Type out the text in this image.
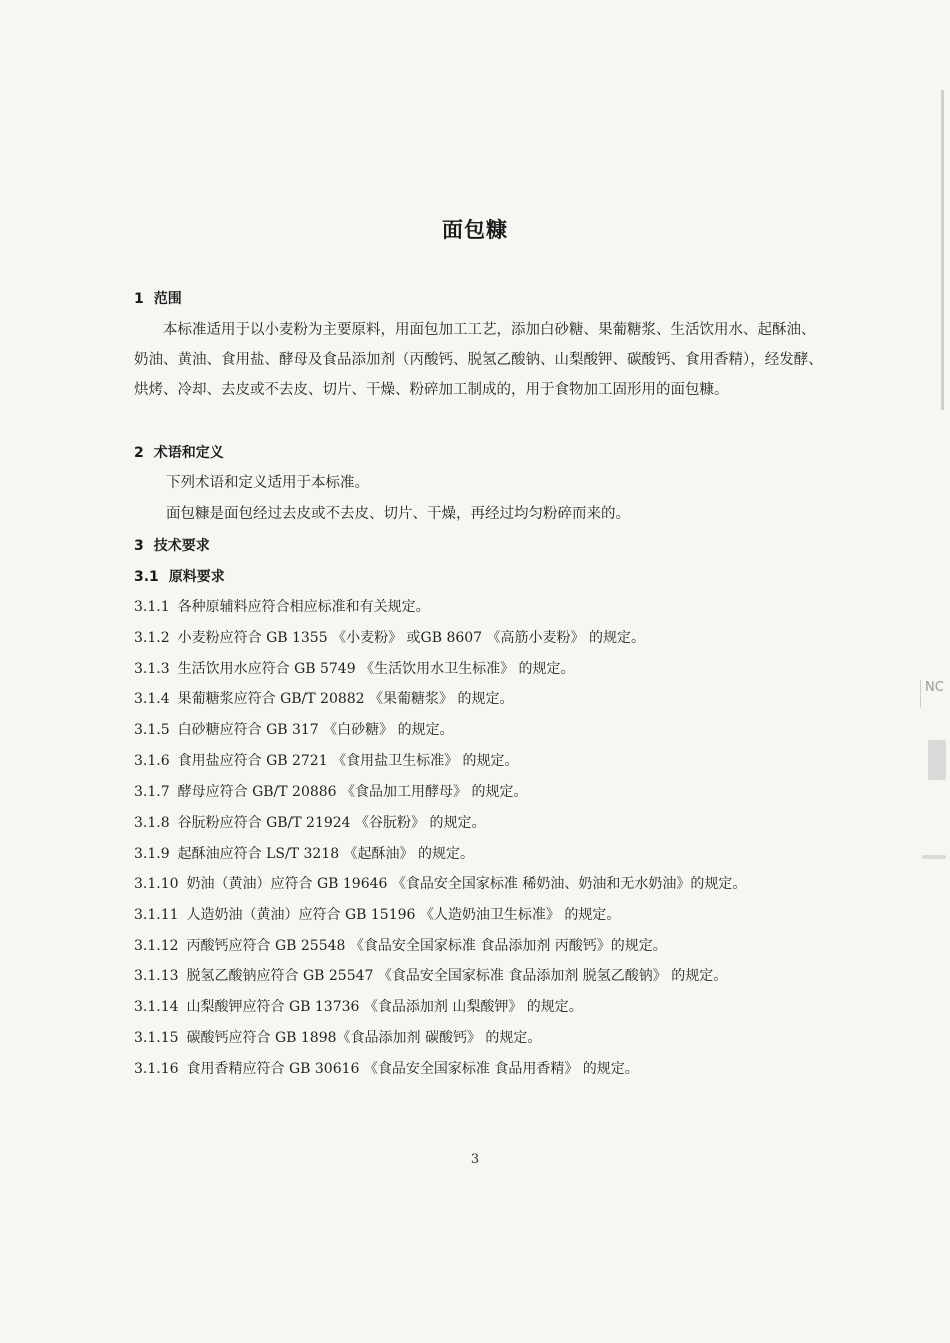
面包糠
1 范围
本标准适用于以小麦粉为主要原料，用面包加工工艺，添加白砂糖、果葡糖浆、生活饮用水、起酥油、奶油、黄油、食用盐、酵母及食品添加剂（丙酸钙、脱氢乙酸钠、山梨酸钾、碳酸钙、食用香精），经发酵、烘烤、冷却、去皮或不去皮、切片、干燥、粉碎加工制成的，用于食物加工固形用的面包糠。
2 术语和定义
下列术语和定义适用于本标准。
面包糠是面包经过去皮或不去皮、切片、干燥，再经过均匀粉碎而来的。
3 技术要求
3.1 原料要求
3.1.1 各种原辅料应符合相应标准和有关规定。
3.1.2 小麦粉应符合 GB 1355 《小麦粉》 或GB 8607 《高筋小麦粉》 的规定。
3.1.3 生活饮用水应符合 GB 5749 《生活饮用水卫生标准》 的规定。
3.1.4 果葡糖浆应符合 GB/T 20882 《果葡糖浆》 的规定。
3.1.5 白砂糖应符合 GB 317 《白砂糖》 的规定。
3.1.6 食用盐应符合 GB 2721 《食用盐卫生标准》 的规定。
3.1.7 酵母应符合 GB/T 20886 《食品加工用酵母》 的规定。
3.1.8 谷朊粉应符合 GB/T 21924 《谷朊粉》 的规定。
3.1.9 起酥油应符合 LS/T 3218 《起酥油》 的规定。
3.1.10 奶油（黄油）应符合 GB 19646 《食品安全国家标准 稀奶油、奶油和无水奶油》的规定。
3.1.11 人造奶油（黄油）应符合 GB 15196 《人造奶油卫生标准》 的规定。
3.1.12 丙酸钙应符合 GB 25548 《食品安全国家标准 食品添加剂 丙酸钙》的规定。
3.1.13 脱氢乙酸钠应符合 GB 25547 《食品安全国家标准 食品添加剂 脱氢乙酸钠》 的规定。
3.1.14 山梨酸钾应符合 GB 13736 《食品添加剂 山梨酸钾》 的规定。
3.1.15 碳酸钙应符合 GB 1898《食品添加剂 碳酸钙》 的规定。
3.1.16 食用香精应符合 GB 30616 《食品安全国家标准 食品用香精》 的规定。
3
NC
